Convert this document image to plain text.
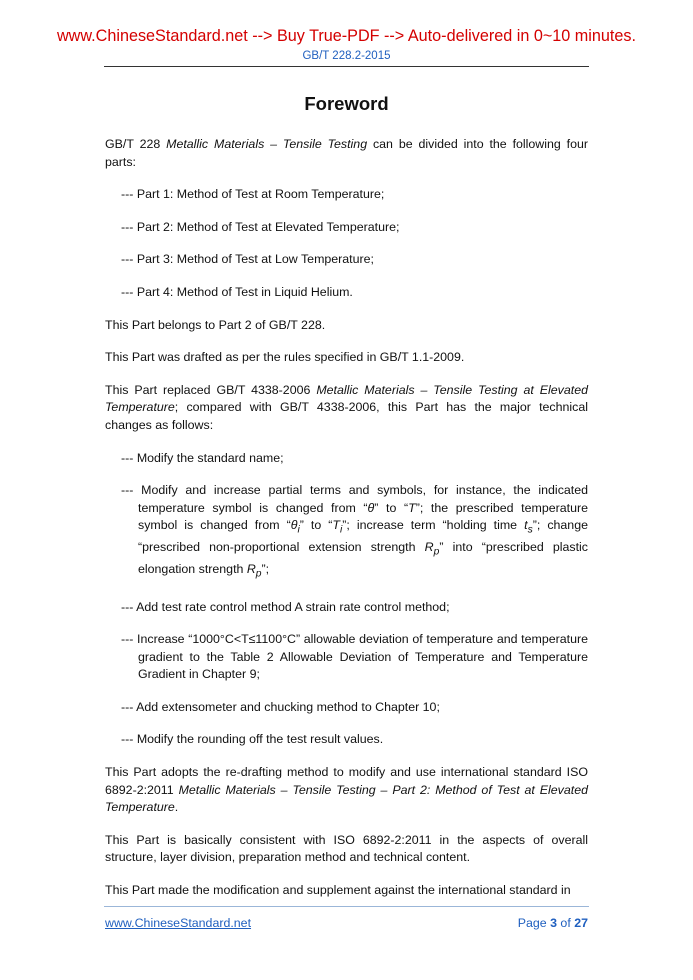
www.ChineseStandard.net --> Buy True-PDF --> Auto-delivered in 0~10 minutes.
GB/T 228.2-2015
Foreword

GB/T 228 Metallic Materials – Tensile Testing can be divided into the following four parts:

--- Part 1: Method of Test at Room Temperature;

--- Part 2: Method of Test at Elevated Temperature;

--- Part 3: Method of Test at Low Temperature;

--- Part 4: Method of Test in Liquid Helium.

This Part belongs to Part 2 of GB/T 228.

This Part was drafted as per the rules specified in GB/T 1.1-2009.

This Part replaced GB/T 4338-2006 Metallic Materials – Tensile Testing at Elevated Temperature; compared with GB/T 4338-2006, this Part has the major technical changes as follows:

--- Modify the standard name;

--- Modify and increase partial terms and symbols, for instance, the indicated temperature symbol is changed from “θ” to “T”; the prescribed temperature symbol is changed from “$\theta_i$” to “$T_i$”; increase term “holding time $t_s$”; change “prescribed non-proportional extension strength $R_p$” into “prescribed plastic elongation strength $R_p$”;

--- Add test rate control method A strain rate control method;

--- Increase “1000°C<T≤1100°C” allowable deviation of temperature and temperature gradient to the Table 2 Allowable Deviation of Temperature and Temperature Gradient in Chapter 9;

--- Add extensometer and chucking method to Chapter 10;

--- Modify the rounding off the test result values.

This Part adopts the re-drafting method to modify and use international standard ISO 6892-2:2011 Metallic Materials – Tensile Testing – Part 2: Method of Test at Elevated Temperature.

This Part is basically consistent with ISO 6892-2:2011 in the aspects of overall structure, layer division, preparation method and technical content.

This Part made the modification and supplement against the international standard in

www.ChineseStandard.net	Page 3 of 27
